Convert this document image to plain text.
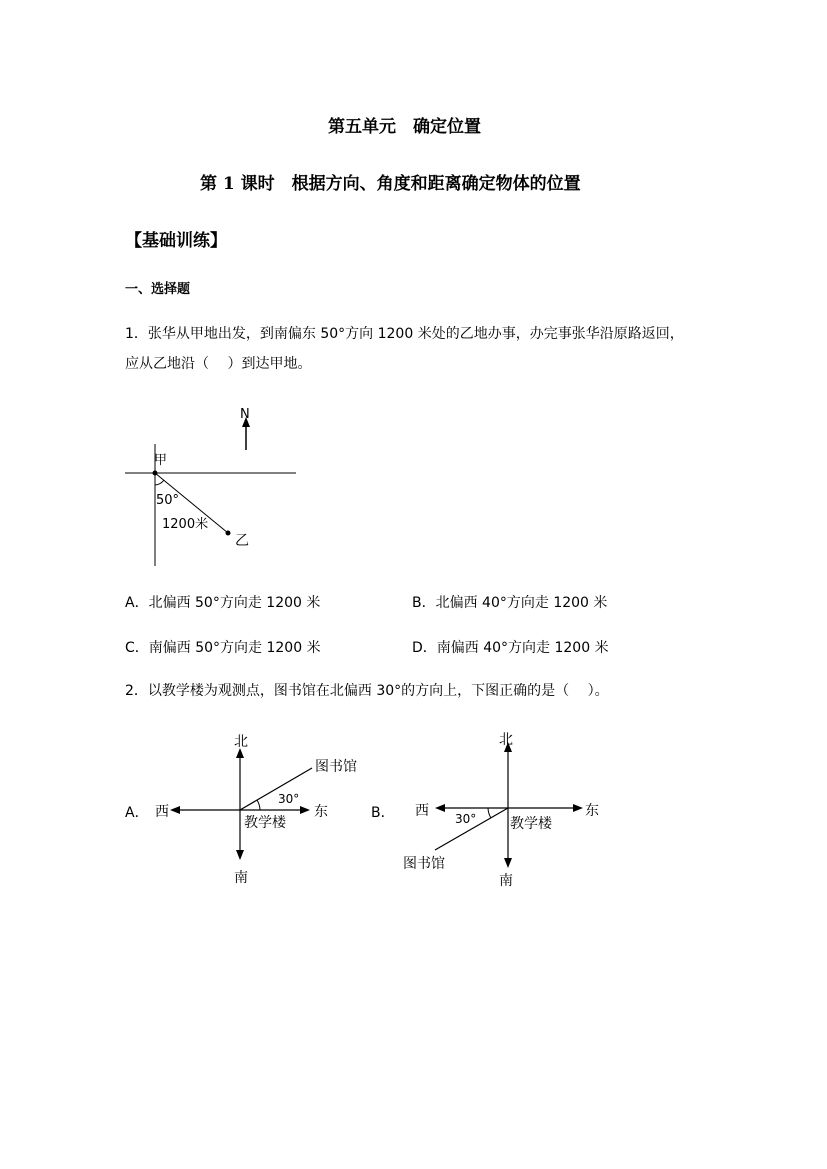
第五单元　确定位置
第 1 课时　根据方向、角度和距离确定物体的位置
【基础训练】
一、选择题
1．张华从甲地出发，到南偏东 50°方向 1200 米处的乙地办事，办完事张华沿原路返回，
应从乙地沿（　 ）到达甲地。
N
甲
50°
1200米
乙
A．北偏西 50°方向走 1200 米	B．北偏西 40°方向走 1200 米
C．南偏西 50°方向走 1200 米	D．南偏西 40°方向走 1200 米
2．以教学楼为观测点，图书馆在北偏西 30°的方向上，下图正确的是（　 ）。
A．
北
南
西	东
教学楼
图书馆
30°
B．
北
南
西	东
教学楼
图书馆
30°
